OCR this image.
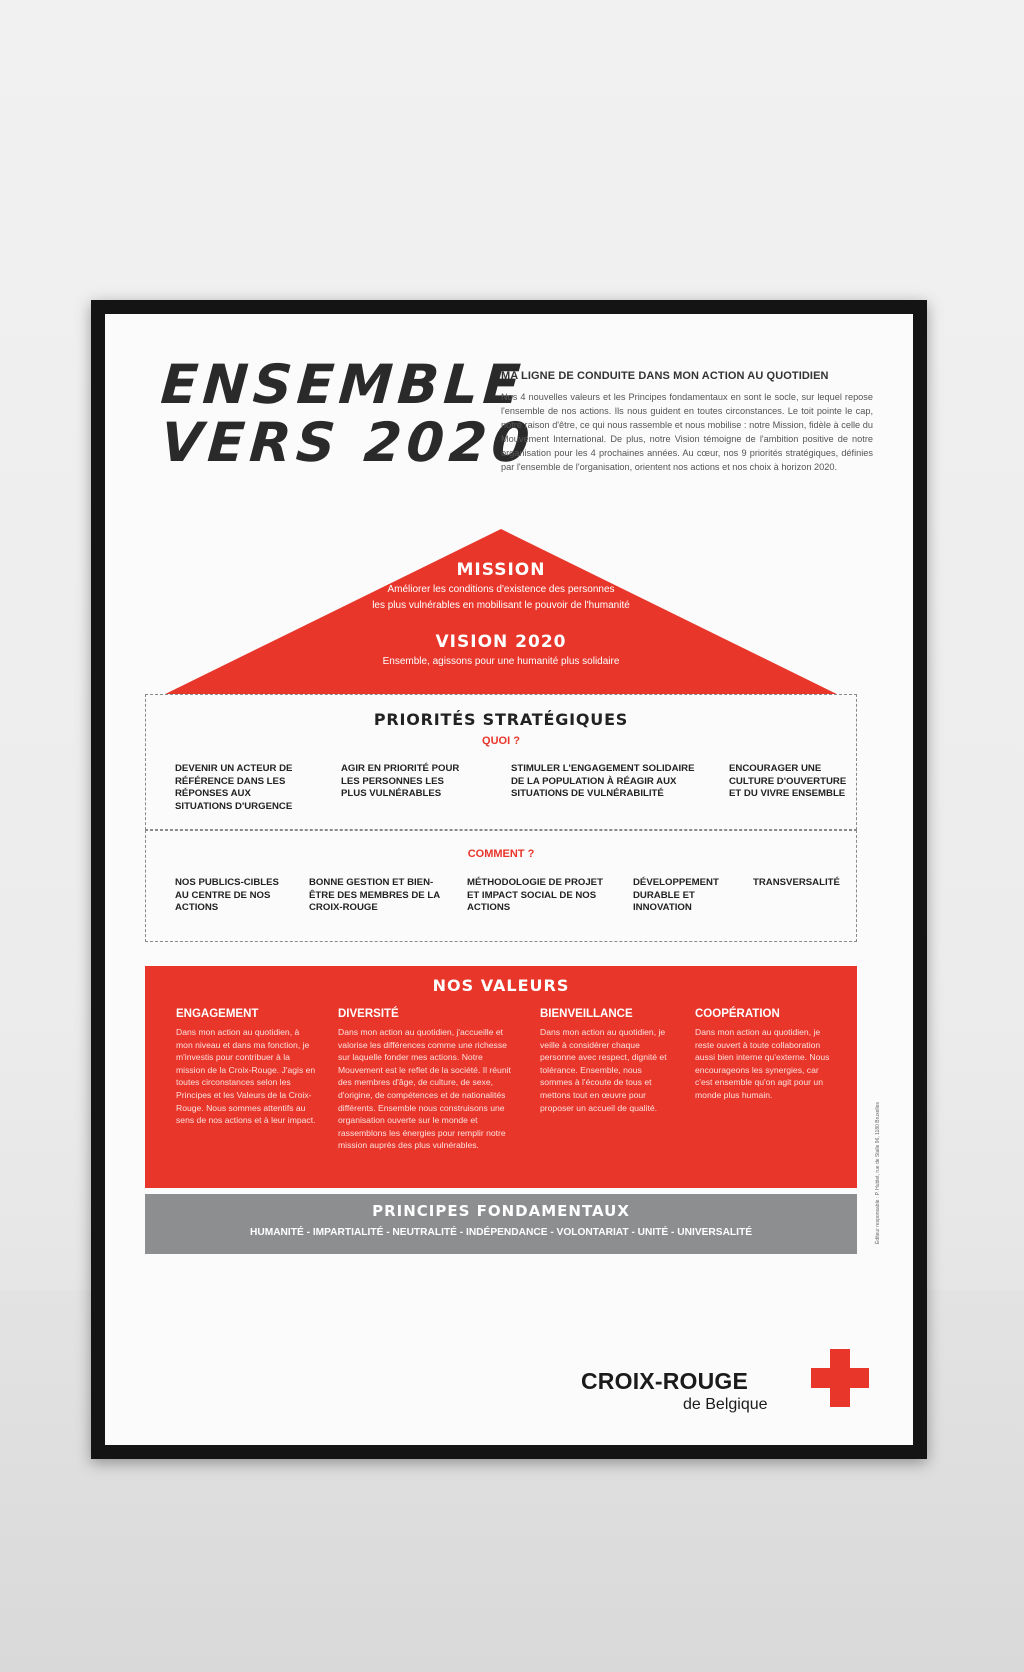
ENSEMBLE
VERS 2020
MA LIGNE DE CONDUITE DANS MON ACTION AU QUOTIDIEN
Nos 4 nouvelles valeurs et les Principes fondamentaux en sont le socle, sur lequel repose l'ensemble de nos actions. Ils nous guident en toutes circonstances. Le toit pointe le cap, notre raison d'être, ce qui nous rassemble et nous mobilise : notre Mission, fidèle à celle du Mouvement International. De plus, notre Vision témoigne de l'ambition positive de notre organisation pour les 4 prochaines années. Au cœur, nos 9 priorités stratégiques, définies par l'ensemble de l'organisation, orientent nos actions et nos choix à horizon 2020.
MISSION
Améliorer les conditions d'existence des personnes
les plus vulnérables en mobilisant le pouvoir de l'humanité
VISION 2020
Ensemble, agissons pour une humanité plus solidaire
PRIORITÉS STRATÉGIQUES
QUOI ?
DEVENIR UN ACTEUR DE RÉFÉRENCE DANS LES RÉPONSES AUX SITUATIONS D'URGENCE
AGIR EN PRIORITÉ POUR LES PERSONNES LES PLUS VULNÉRABLES
STIMULER L'ENGAGEMENT SOLIDAIRE DE LA POPULATION À RÉAGIR AUX SITUATIONS DE VULNÉRABILITÉ
ENCOURAGER UNE CULTURE D'OUVERTURE ET DU VIVRE ENSEMBLE
COMMENT ?
NOS PUBLICS-CIBLES AU CENTRE DE NOS ACTIONS
BONNE GESTION ET BIEN-ÊTRE DES MEMBRES DE LA CROIX-ROUGE
MÉTHODOLOGIE DE PROJET ET IMPACT SOCIAL DE NOS ACTIONS
DÉVELOPPEMENT DURABLE ET INNOVATION
TRANSVERSALITÉ
NOS VALEURS
ENGAGEMENT
Dans mon action au quotidien, à mon niveau et dans ma fonction, je m'investis pour contribuer à la mission de la Croix-Rouge. J'agis en toutes circonstances selon les Principes et les Valeurs de la Croix-Rouge. Nous sommes attentifs au sens de nos actions et à leur impact.
DIVERSITÉ
Dans mon action au quotidien, j'accueille et valorise les différences comme une richesse sur laquelle fonder mes actions. Notre Mouvement est le reflet de la société. Il réunit des membres d'âge, de culture, de sexe, d'origine, de compétences et de nationalités différents. Ensemble nous construisons une organisation ouverte sur le monde et rassemblons les énergies pour remplir notre mission auprès des plus vulnérables.
BIENVEILLANCE
Dans mon action au quotidien, je veille à considérer chaque personne avec respect, dignité et tolérance. Ensemble, nous sommes à l'écoute de tous et mettons tout en œuvre pour proposer un accueil de qualité.
COOPÉRATION
Dans mon action au quotidien, je reste ouvert à toute collaboration aussi bien interne qu'externe. Nous encourageons les synergies, car c'est ensemble qu'on agit pour un monde plus humain.
PRINCIPES FONDAMENTAUX
HUMANITÉ - IMPARTIALITÉ - NEUTRALITÉ - INDÉPENDANCE - VOLONTARIAT - UNITÉ - UNIVERSALITÉ	Éditeur responsable : P. Hublet, rue de Stalle 96, 1180 Bruxelles
CROIX-ROUGE
de Belgique
